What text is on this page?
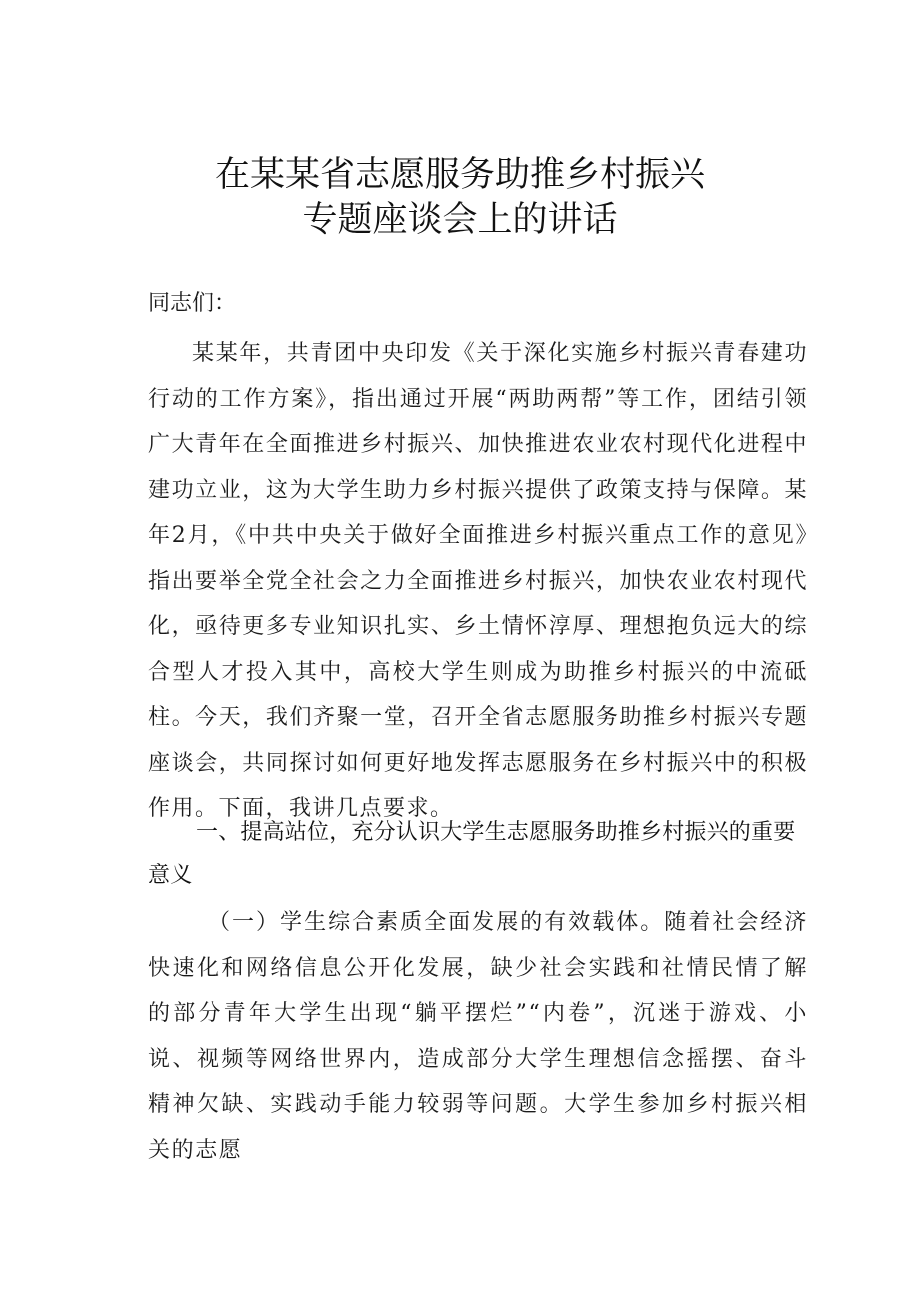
在某某省志愿服务助推乡村振兴
专题座谈会上的讲话
同志们：
某某年，共青团中央印发《关于深化实施乡村振兴青春建功行动的工作方案》，指出通过开展“两助两帮”等工作，团结引领广大青年在全面推进乡村振兴、加快推进农业农村现代化进程中建功立业，这为大学生助力乡村振兴提供了政策支持与保障。某年2月，《中共中央关于做好全面推进乡村振兴重点工作的意见》指出要举全党全社会之力全面推进乡村振兴，加快农业农村现代化，亟待更多专业知识扎实、乡土情怀淳厚、理想抱负远大的综合型人才投入其中，高校大学生则成为助推乡村振兴的中流砥柱。今天，我们齐聚一堂，召开全省志愿服务助推乡村振兴专题座谈会，共同探讨如何更好地发挥志愿服务在乡村振兴中的积极作用。下面，我讲几点要求。
一、提高站位，充分认识大学生志愿服务助推乡村振兴的重要意义
（一）学生综合素质全面发展的有效载体。随着社会经济快速化和网络信息公开化发展，缺少社会实践和社情民情了解的部分青年大学生出现“躺平摆烂”“内卷”，沉迷于游戏、小说、视频等网络世界内，造成部分大学生理想信念摇摆、奋斗精神欠缺、实践动手能力较弱等问题。大学生参加乡村振兴相关的志愿
